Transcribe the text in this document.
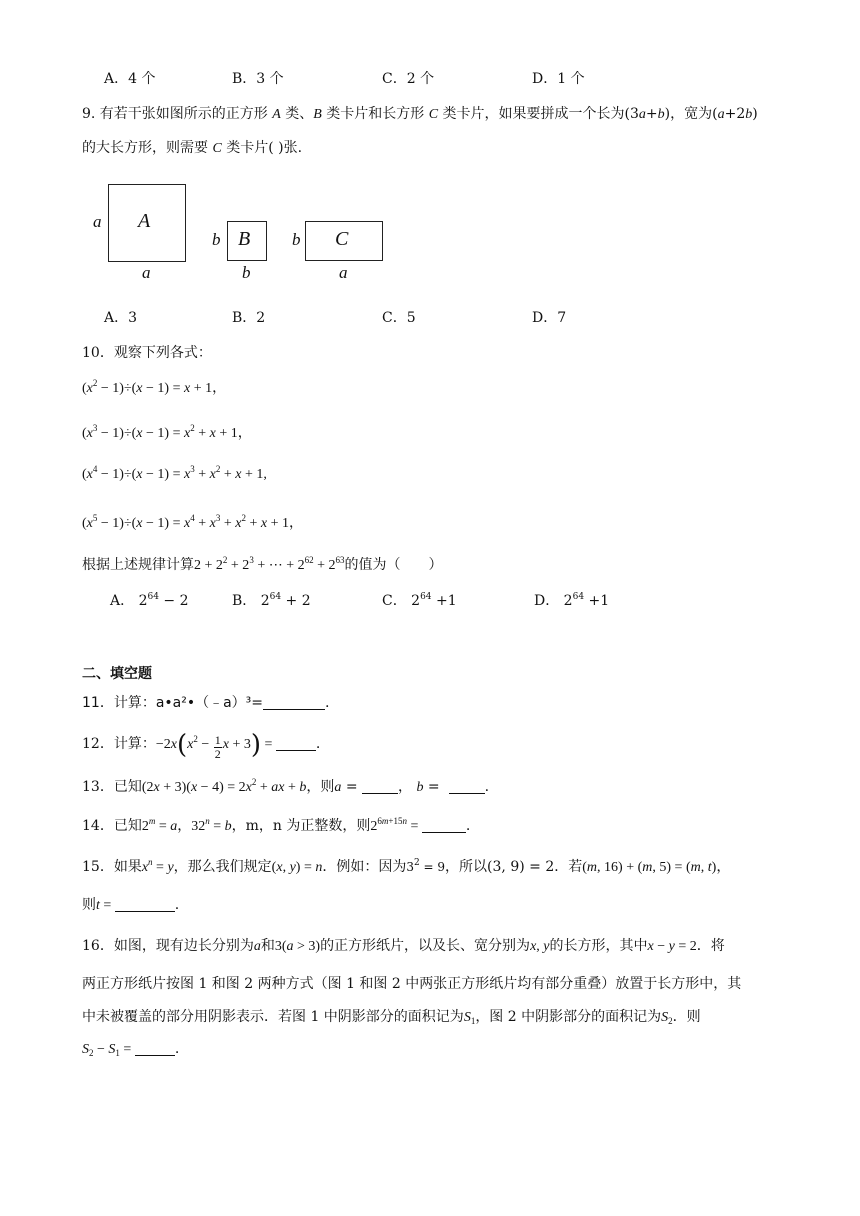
A．4 个	B．3 个	C．2 个	D．1 个
9. 有若干张如图所示的正方形 A 类、B 类卡片和长方形 C 类卡片，如果要拼成一个长为(3a+b)，宽为(a+2b)
的大长方形，则需要 C 类卡片( )张.
A
a
a
B
b
b
C
b
a
A．3	B．2	C．5	D．7
10．观察下列各式：
$(x^2 - 1)\div(x - 1) = x + 1$，
$(x^3 - 1)\div(x - 1) = x^2 + x + 1$，
$(x^4 - 1)\div(x - 1) = x^3 + x^2 + x + 1$,
$(x^5 - 1)\div(x - 1) = x^4 + x^3 + x^2 + x + 1$，
根据上述规律计算$2 + 2^2 + 2^3$ + ⋯ + $2^{62} + 2^{63}$的值为（　　）
A． $2^{64} - 2$	B． $2^{64} + 2$	C． $2^{64} +1$	D． $2^{64} +1$
二、填空题
11．计算：a•a²•（﹣a）³=	.
12．计算：$-2x(x^2 - \frac{1}{2}$ x + 3) =	.
13．已知$(2x + 3)(x - 4) = 2x^2$ + ax + b，则a =	， b =	.
14．已知$2^m = a$，$32^n = b$，m，n 为正整数，则$2^{6m+15n}$ =	.
15．如果$x^n = y$，那么我们规定(x, y) = n．例如：因为$3^2 = 9$，所以(3, 9) = 2．若(m, 16) + (m, 5) = (m, t)，
则t =	.
16．如图，现有边长分别为a和3(a > 3)的正方形纸片，以及长、宽分别为x, y的长方形，其中x − y = 2．将
两正方形纸片按图 1 和图 2 两种方式（图 1 和图 2 中两张正方形纸片均有部分重叠）放置于长方形中，其
中未被覆盖的部分用阴影表示．若图 1 中阴影部分的面积记为$S_1$，图 2 中阴影部分的面积记为$S_2$．则
$S_2 - S_1$ =	.
